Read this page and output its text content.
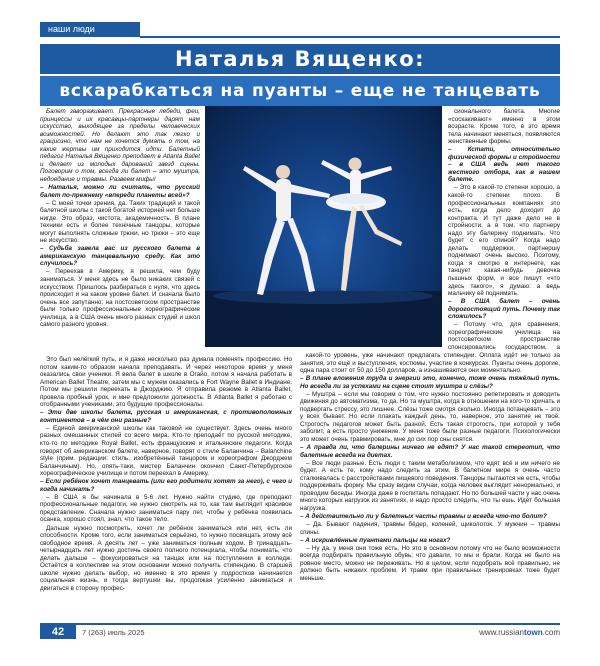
наши люди
Наталья Вященко:
вскарабкаться на пуанты – еще не танцевать

Балет завораживает. Прекрасные лебеди, феи, принцессы и их красавцы-партнеры дарят нам искусство, выходящее за пределы человеческих возможностей. Но делают это так легко и грациозно, что нам не хочется думать о том, на какие жертвы им приходится идти. Балетный педагог Наталья Вященко преподает в Atlanta Ballet и делает из молодых дарований звезд сцены. Поговорим о том, всегда ли балет – это муштра, недоедание и травмы. Развеем мифы!

– Наталья, можно ли считать, что русский балет по-прежнему «впереди планеты всей»?

– С моей точки зрения, да. Таких традиций и такой балетной школы с такой богатой историей нет больше нигде. Это образ, чистота, академичность. В плане техники есть и более технічные танцоры, которые могут выполнять сложные трюки, но трюки – это еще не искусство.

– Судьба завела вас из русского балета в американскую танцевальную среду. Как это случилось?

– Переехав в Америку, я решила, чем буду заниматься. У меня здесь не было никаких связей с искусством. Пришлось разбираться с нуля, что здесь происходит и на каком уровне балет. И сначала было очень все запутанно: на постсоветском пространстве были только профессиональные хореографические училища, а в США очень много разных студий и школ самого разного уровня.

сионального балета. Многие «соскакивают» именно в этом возрасте. Кроме того, в это время тела начинают меняться, появляются женственные формы.

– Кстати, относительно физической формы и стройности – в США ведь нет такого жесткого отбора, как в нашем балете.

– Это в какой-то степени хорошо, а какой-то степени плохо. В профессиональных компаниях это есть, когда дело доходит до контракта. И тут даже дело не в стройности, а в том, что партнеру надо эту балерину поднимать. Что будет с его спиной? Когда надо делать поддержки, партнершу поднимают очень высоко. Поэтому, когда я смотрю в интернете, как танцует какая-нибудь девочка пышных форм, и все пишут «что здесь такого», я думаю: а ведь мальчику её поднимать.

– В США балет – очень дорогостоящий путь. Почему так сложилось?

– Потому что, для сравнения, хореографические училища на постсоветском пространстве спонсировались государством, а

Это был нелёгкий путь, и я даже несколько раз думала поменять профессию. Но потом каким-то образом начала преподавать. И через некоторое время у меня оказались свои ученики. Я вела балет в школе в Огайо, потом я начала работать в American Ballet Theatre, затем мы с мужем оказались в Fort Wayne Ballet в Индиане. Потом мы решили переехать в Джорджию. Я отправила резюме в Atlanta Ballet, провела пробный урок, и мне предложили должность. В Atlanta Ballet я работаю с отобранными учениками, это будущие профессионалы.

– Эти две школы балета, русская и американская, с противоположных континентов – в чём они разные?

– Единой американской школы как таковой не существует. Здесь очень много разных смешанных стилей со всего мира. Кто-то преподаёт по русской методике, кто-то по методике Royal Ballet, есть французские и итальянские педагоги. Когда говорят об американском балете, наверное, говорят о стиле Баланчина – Balanchine style (прим. редакции: стиль, изобретённый танцором и хореографом Джорджем Баланчиным). Но, опять-таки, мистер Баланчин окончил Санкт-Петербургское хореографическое училище и потом переехал в Америку.

– Если ребёнок хочет танцевать (или его родители хотят за него), с чего и когда начинать?

– В США я бы начинала в 5-6 лет. Нужно найти студию, где преподают профессиональные педагоги, не нужно смотреть на то, как там выглядит красивое представление. Сначала нужно заниматься пару лет, чтобы у ребёнка появилась осанка, хорошо стоял, знал, что такое тело.

Дальше нужно посмотреть, хочет ли ребёнок заниматься или нет, есть ли способности. Кроме того, если заниматься серьёзно, то нужно посвящать этому всё свободное время. А десять лет – уже заниматься полным ходом. В тринадцать-четырнадцать лет нужно достичь своего полного потенциала, чтобы понимать, что делать дальше – фокусироваться на танцах или на поступлении в колледж. Остаётся в коллективе на этом основании можно получить стипендию. В старшей школе нужно делать выбор, но именно в это время у подростков начинается социальная жизнь, и тогда вертушки вы, продолжая усиленно заниматься и двигаться в сторону профес-

какой-то уровень, уже начинают предлагать стипендии. Оплата идёт не только за занятия, это ещё и выступления, костюмы, участие в конкурсах. Пуанты очень дорогие, одна пара стоит от 50 до 150 долларов, а изнашиваются они моментально.

– В плане вложения труда и энергии это, конечно, тоже очень тяжёлый путь. Но всегда ли за успехами на сцене стоит муштра и слёзы?

– Муштра – если мы говорим о том, что нужно постоянно репетировать и доводить движения до автоматизма, то да. Но та муштра, когда в отношении на кого-то кричать и подвергать стрессу, это лишнее. Слёзы тоже смотря сколько. Иногда потанцевать – это у всех бывает. Но если плакать каждый день, то, наверное, это занятие не твоё. Строгость педагогов может быть разной. Есть такая строгость, при которой у тебя заболит, а есть просто унижение. У меня тоже были разные педагоги. Психологически это может очень травмировать, мне до сих пор сны снятся.

– А правда ли, что балерины ничего не едят? У нас такой стереотип, что балетные всегда на диетах.

– Все люди разные. Есть люди с таким метаболизмом, что едят всё и им ничего не будет. А есть те, кому надо следить за этим. В балетном мире я очень часто сталкивалась с расстройствами пищевого поведения. Танцоры пытаются не есть, чтобы поддерживать форму. Мы сразу видим случаи, когда человек выглядит ненормально, и проводим беседы. Иногда даже в госпиталь попадают. Но по большей части у нас очень много которых нагрузок из занятиях, и надо просто следить, что ты ешь. Идёт большая нагрузка.

– А действительно ли у балетных часты травмы и всегда что-то болит?

– Да. Бывают падения, травмы бёдер, коленей, щиколоток. У мужчин – травмы спины.

– А искривлённые пуантами пальцы на ногах?

– Ну да, у меня они тоже есть. Но это в основном потому что не было возможности всегда подбирать правильную обувь; что давали, то мы и брали. Когда не было на ровное место, можно не переживать. Но в целом, если подобрать всё правильно, не должно быть никаких проблем. И травм при правильных тренировках тоже будет меньше.

42	7 (263) июль 2025	www.russiantown.com
